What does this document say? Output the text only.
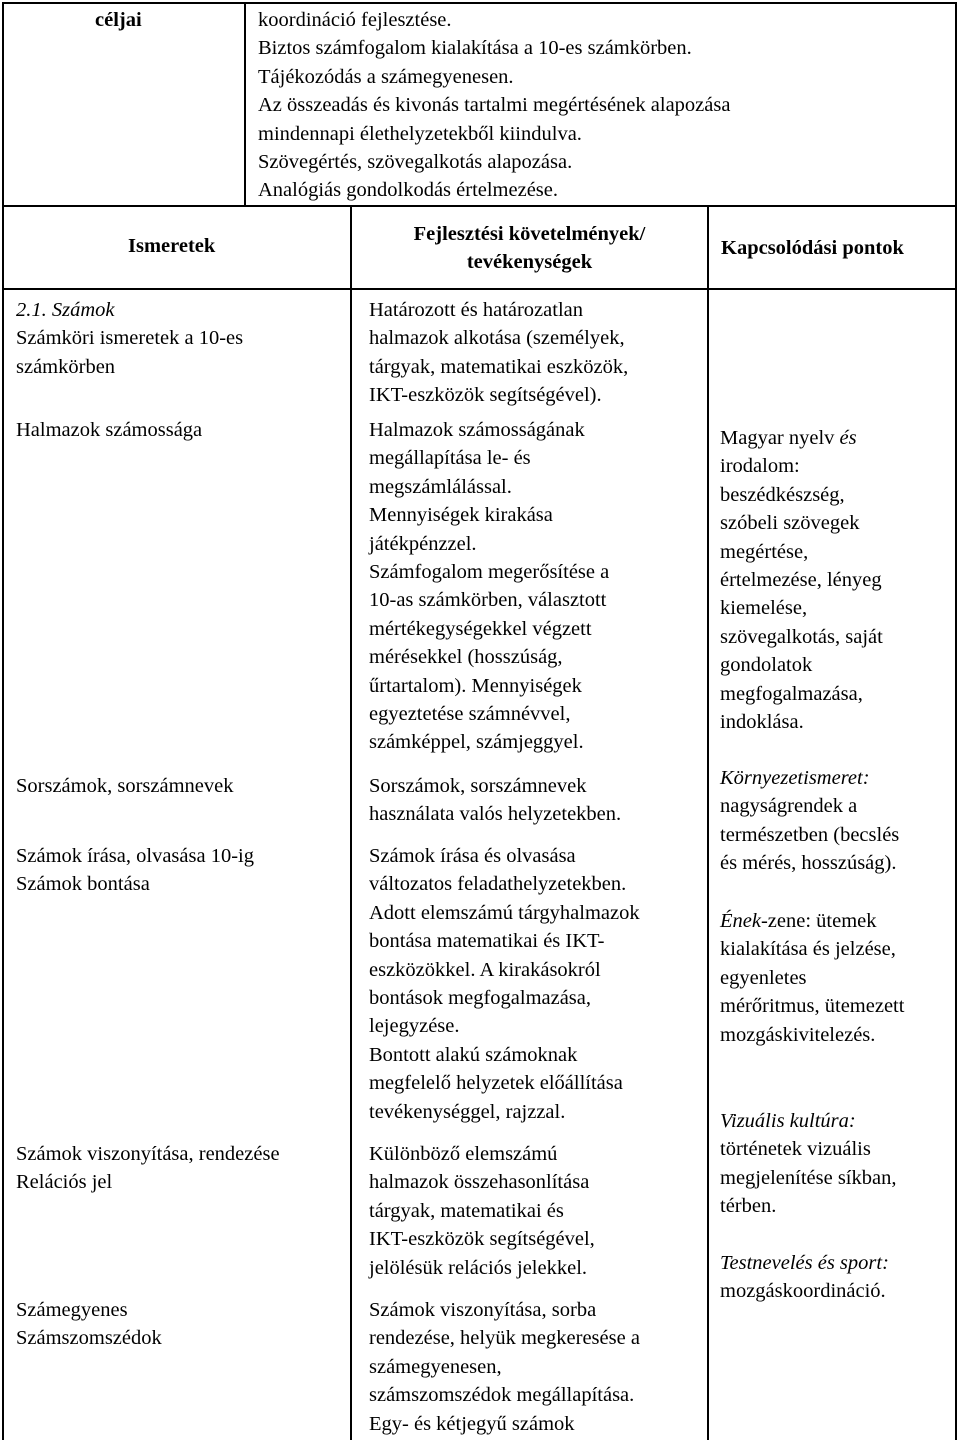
céljai	koordináció fejlesztése.
Biztos számfogalom kialakítása a 10-es számkörben.
Tájékozódás a számegyenesen.
Az összeadás és kivonás tartalmi megértésének alapozása
mindennapi élethelyzetekből kiindulva.
Szövegértés, szövegalkotás alapozása.
Analógiás gondolkodás értelmezése.
Ismeretek
Fejlesztési követelmények/
tevékenységek
Kapcsolódási pontok
2.1. Számok
Számköri ismeretek a 10-es
számkörben
Halmazok számossága
Sorszámok, sorszámnevek
Számok írása, olvasása 10-ig
Számok bontása
Számok viszonyítása, rendezése
Relációs jel
Számegyenes
Számszomszédok
Határozott és határozatlan
halmazok alkotása (személyek,
tárgyak, matematikai eszközök,
IKT-eszközök segítségével).
Halmazok számosságának
megállapítása le- és
megszámlálással.
Mennyiségek kirakása
játékpénzzel.
Számfogalom megerősítése a
10-as számkörben, választott
mértékegységekkel végzett
mérésekkel (hosszúság,
űrtartalom). Mennyiségek
egyeztetése számnévvel,
számképpel, számjeggyel.
Sorszámok, sorszámnevek
használata valós helyzetekben.
Számok írása és olvasása
változatos feladathelyzetekben.
Adott elemszámú tárgyhalmazok
bontása matematikai és IKT-
eszközökkel. A kirakásokról
bontások megfogalmazása,
lejegyzése.
Bontott alakú számoknak
megfelelő helyzetek előállítása
tevékenységgel, rajzzal.
Különböző elemszámú
halmazok összehasonlítása
tárgyak, matematikai és
IKT-eszközök segítségével,
jelölésük relációs jelekkel.
Számok viszonyítása, sorba
rendezése, helyük megkeresése a
számegyenesen,
számszomszédok megállapítása.
Egy- és kétjegyű számok
Magyar nyelv és
irodalom:
beszédkészség,
szóbeli szövegek
megértése,
értelmezése, lényeg
kiemelése,
szövegalkotás, saját
gondolatok
megfogalmazása,
indoklása.
Környezetismeret:
nagyságrendek a
természetben (becslés
és mérés, hosszúság).
Ének-zene: ütemek
kialakítása és jelzése,
egyenletes
mérőritmus, ütemezett
mozgáskivitelezés.
Vizuális kultúra:
történetek vizuális
megjelenítése síkban,
térben.
Testnevelés és sport:
mozgáskoordináció.
